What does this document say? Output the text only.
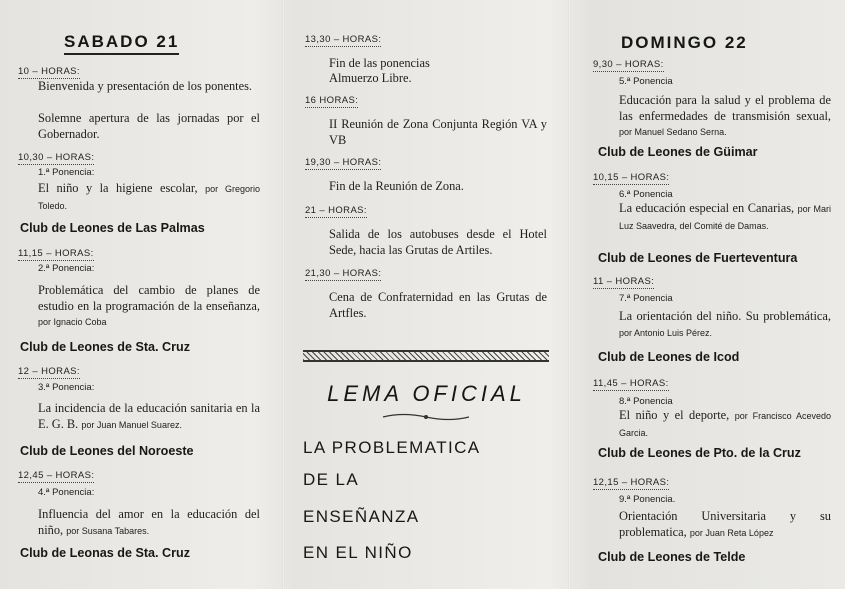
SABADO 21
10 – HORAS:
Bienvenida y presentación de los ponentes.
Solemne apertura de las jornadas por el Gobernador.
10,30 – HORAS:
1.ª Ponencia:
El niño y la higiene escolar, por Gregorio Toledo.
11,15 – HORAS:
2.ª Ponencia:
Problemática del cambio de planes de estudio en la programación de la enseñanza, por Ignacio Coba
12 – HORAS:
3.ª Ponencia:
La incidencia de la educación sanitaria en la E. G. B. por Juan Manuel Suarez.
12,45 – HORAS:
4.ª Ponencia:
Influencia del amor en la educación del niño, por Susana Tabares.
Club de Leones de Las Palmas
Club de Leones de Sta. Cruz
Club de Leones del Noroeste
Club de Leonas de Sta. Cruz
LEMA OFICIAL
LA PROBLEMATICA
DE LA
ENSEÑANZA
EN EL NIÑO
13,30 – HORAS:
Fin de las ponencias
Almuerzo Libre.
16 HORAS:
II Reunión de Zona Conjunta Región VA y VB
19,30 – HORAS:
Fin de la Reunión de Zona.
21 – HORAS:
Salida de los autobuses desde el Hotel Sede, hacia las Grutas de Artiles.
21,30 – HORAS:
Cena de Confraternidad en las Grutas de Artfles.
DOMINGO 22
9,30 – HORAS:
5.ª Ponencia
Educación para la salud y el problema de las enfermedades de transmisión sexual, por Manuel Sedano Serna.
10,15 – HORAS:
6.ª Ponencia
La educación especial en Canarias, por Mari Luz Saavedra, del Comité de Damas.
11 – HORAS:
7.ª Ponencia
La orientación del niño. Su problemática, por Antonio Luis Pérez.
11,45 – HORAS:
8.ª Ponencia
El niño y el deporte, por Francisco Acevedo Garcia.
12,15 – HORAS:
9.ª Ponencia.
Orientación Universitaria y su problematica, por Juan Reta López
Club de Leones de Güimar
Club de Leones de Fuerteventura
Club de Leones de Icod
Club de Leones de Pto. de la Cruz
Club de Leones de Telde
